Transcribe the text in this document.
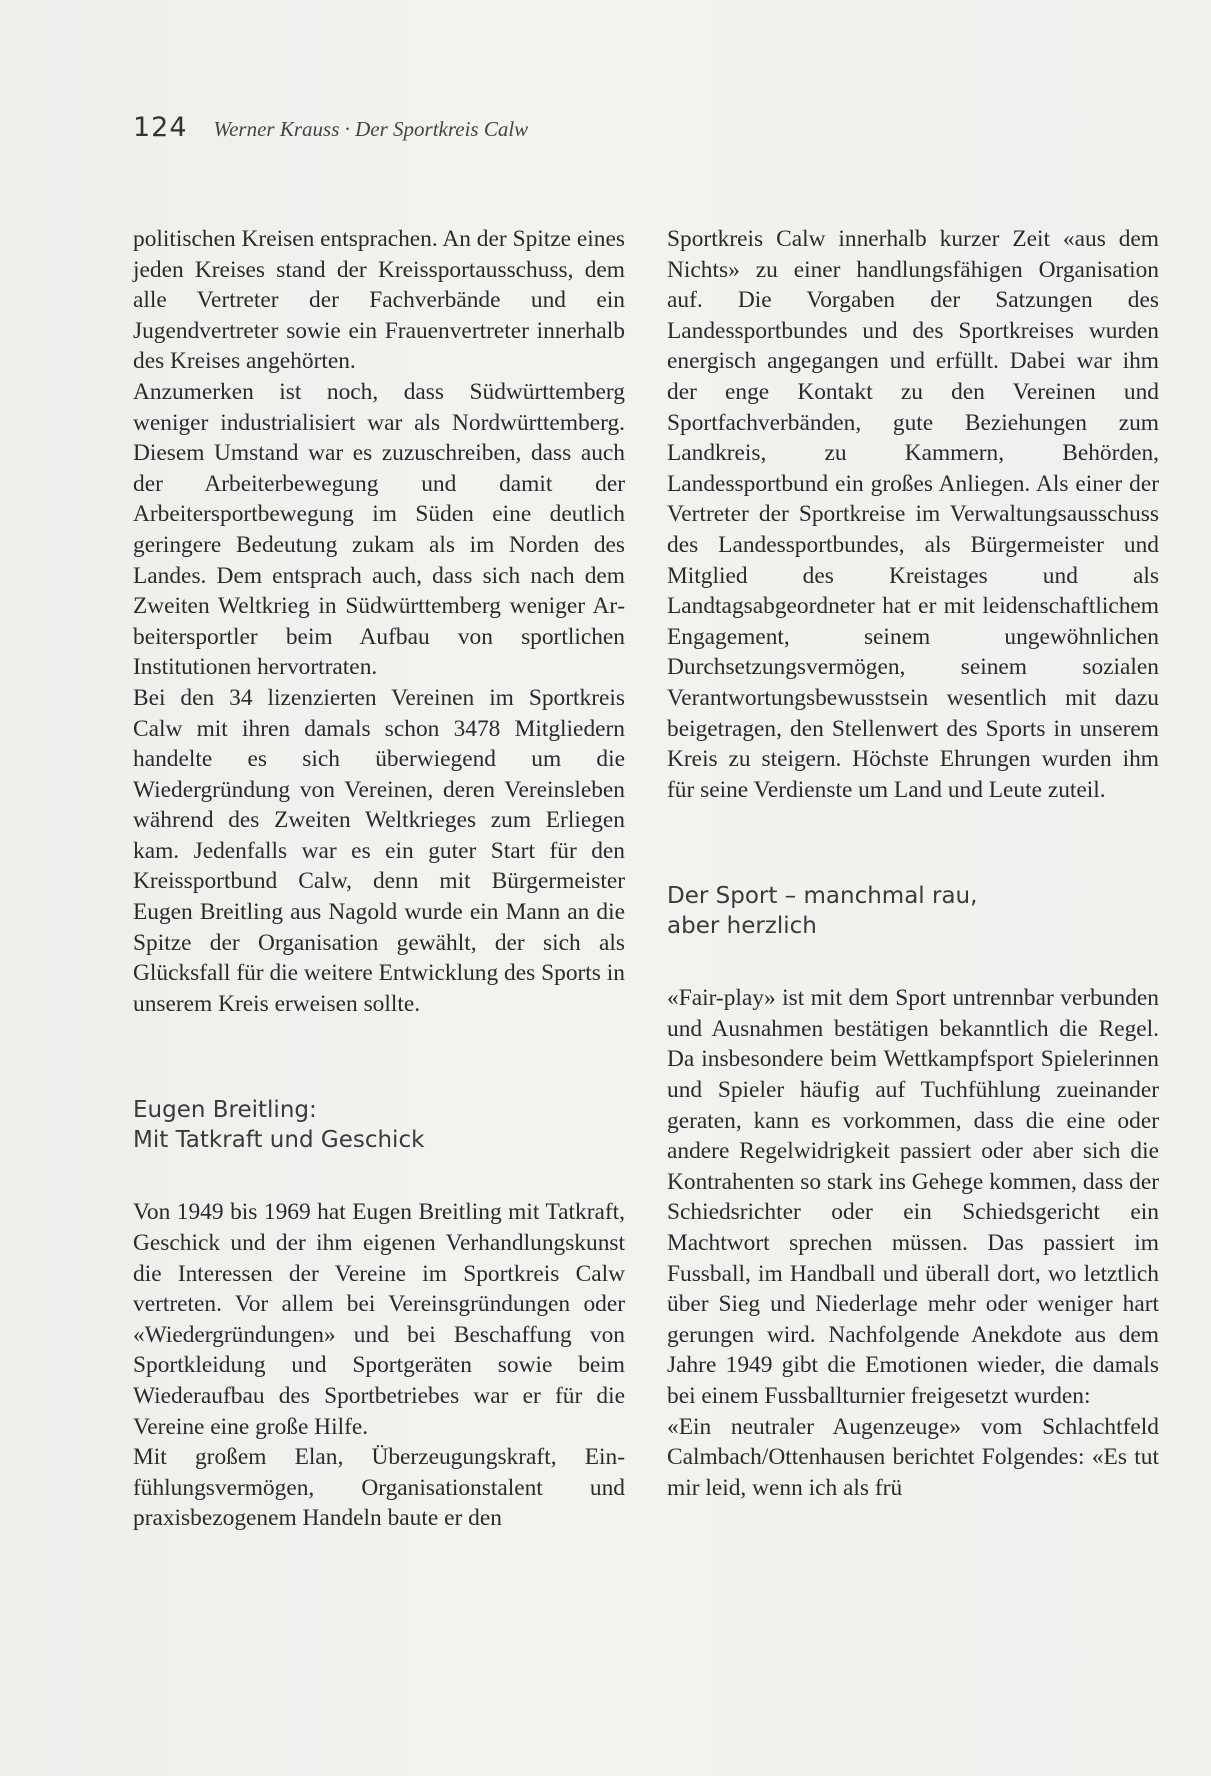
124 Werner Krauss · Der Sportkreis Calw

politischen Kreisen entsprachen. An der Spitze eines jeden Kreises stand der Kreissportausschuss, dem alle Vertreter der Fachverbände und ein Jugendvertreter sowie ein Frauenvertreter innerhalb des Kreises angehörten.

Anzumerken ist noch, dass Südwürttemberg weniger industrialisiert war als Nordwürttemberg. Diesem Umstand war es zuzuschreiben, dass auch der Arbeiterbewegung und damit der Arbeitersportbewegung im Süden eine deutlich geringere Bedeutung zukam als im Norden des Landes. Dem entsprach auch, dass sich nach dem Zweiten Weltkrieg in Südwürttemberg weniger Arbeitersportler beim Aufbau von sportlichen Institutionen hervortraten.

Bei den 34 lizenzierten Vereinen im Sportkreis Calw mit ihren damals schon 3478 Mitgliedern handelte es sich überwiegend um die Wiedergründung von Vereinen, deren Vereinsleben während des Zweiten Weltkrieges zum Erliegen kam. Jedenfalls war es ein guter Start für den Kreissportbund Calw, denn mit Bürgermeister Eugen Breitling aus Nagold wurde ein Mann an die Spitze der Organisation gewählt, der sich als Glücksfall für die weitere Entwicklung des Sports in unserem Kreis erweisen sollte.

Eugen Breitling:
Mit Tatkraft und Geschick

Von 1949 bis 1969 hat Eugen Breitling mit Tatkraft, Geschick und der ihm eigenen Verhandlungskunst die Interessen der Vereine im Sportkreis Calw vertreten. Vor allem bei Vereinsgründungen oder «Wiedergründungen» und bei Beschaffung von Sportkleidung und Sportgeräten sowie beim Wiederaufbau des Sportbetriebes war er für die Vereine eine große Hilfe.

Mit großem Elan, Überzeugungskraft, Einfühlungsvermögen, Organisationstalent und praxisbezogenem Handeln baute er den

Sportkreis Calw innerhalb kurzer Zeit «aus dem Nichts» zu einer handlungsfähigen Organisation auf. Die Vorgaben der Satzungen des Landessportbundes und des Sportkreises wurden energisch angegangen und erfüllt. Dabei war ihm der enge Kontakt zu den Vereinen und Sportfachverbänden, gute Beziehungen zum Landkreis, zu Kammern, Behörden, Landessportbund ein großes Anliegen. Als einer der Vertreter der Sportkreise im Verwaltungsausschuss des Landessportbundes, als Bürgermeister und Mitglied des Kreistages und als Landtagsabgeordneter hat er mit leidenschaftlichem Engagement, seinem ungewöhnlichen Durchsetzungsvermögen, seinem sozialen Verantwortungsbewusstsein wesentlich mit dazu beigetragen, den Stellenwert des Sports in unserem Kreis zu steigern. Höchste Ehrungen wurden ihm für seine Verdienste um Land und Leute zuteil.

Der Sport – manchmal rau,
aber herzlich

«Fair-play» ist mit dem Sport untrennbar verbunden und Ausnahmen bestätigen bekanntlich die Regel. Da insbesondere beim Wettkampfsport Spielerinnen und Spieler häufig auf Tuchfühlung zueinander geraten, kann es vorkommen, dass die eine oder andere Regelwidrigkeit passiert oder aber sich die Kontrahenten so stark ins Gehege kommen, dass der Schiedsrichter oder ein Schiedsgericht ein Machtwort sprechen müssen. Das passiert im Fussball, im Handball und überall dort, wo letztlich über Sieg und Niederlage mehr oder weniger hart gerungen wird. Nachfolgende Anekdote aus dem Jahre 1949 gibt die Emotionen wieder, die damals bei einem Fussballturnier freigesetzt wurden:

«Ein neutraler Augenzeuge» vom Schlachtfeld Calmbach/Ottenhausen berichtet Folgendes: «Es tut mir leid, wenn ich als frü
